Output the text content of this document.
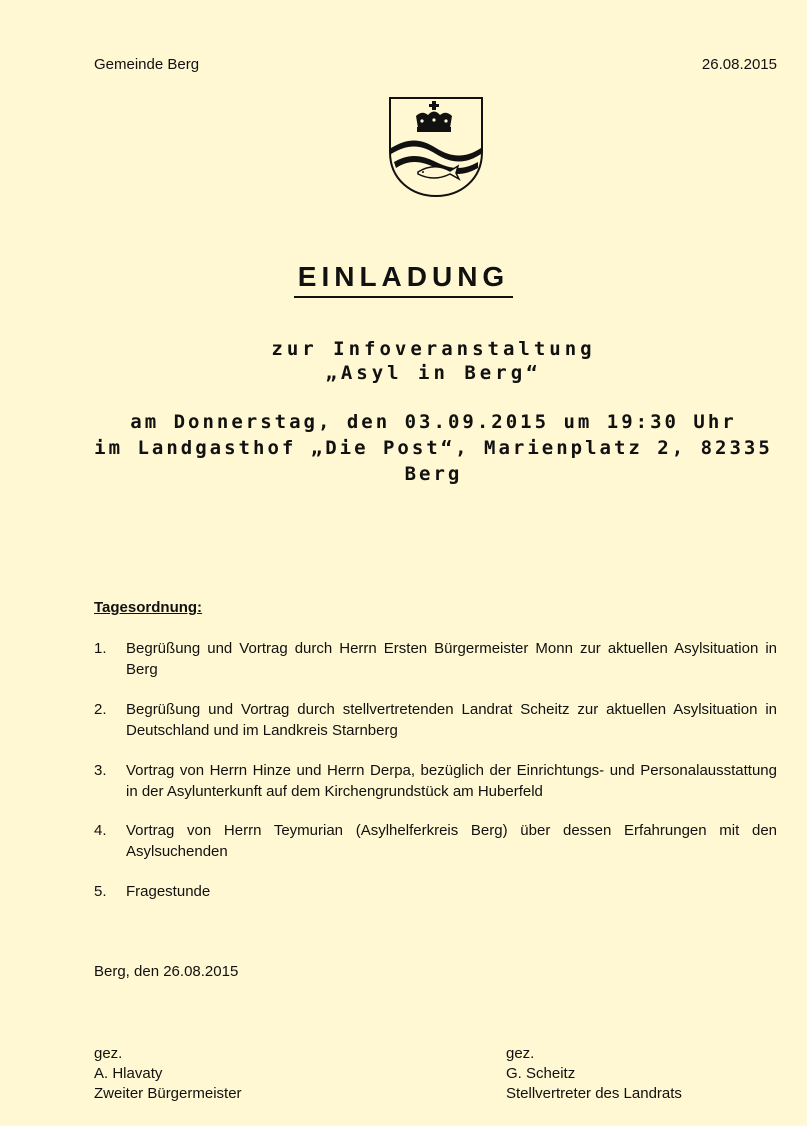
Gemeinde Berg	26.08.2015
EINLADUNG
zur Infoveranstaltung
„Asyl in Berg“
am Donnerstag, den 03.09.2015 um 19:30 Uhr
im Landgasthof „Die Post“, Marienplatz 2, 82335
Berg
Tagesordnung:
1.	Begrüßung und Vortrag durch Herrn Ersten Bürgermeister Monn zur aktuellen Asylsituation in Berg
2.	Begrüßung und Vortrag durch stellvertretenden Landrat Scheitz zur aktuellen Asylsituation in Deutschland und im Landkreis Starnberg
3.	Vortrag von Herrn Hinze und Herrn Derpa, bezüglich der Einrichtungs- und Personalausstattung in der Asylunterkunft auf dem Kirchengrundstück am Huberfeld
4.	Vortrag von Herrn Teymurian (Asylhelferkreis Berg) über dessen Erfahrungen mit den Asylsuchenden
5.	Fragestunde
Berg, den 26.08.2015
gez.
A. Hlavaty
Zweiter Bürgermeister
gez.
G. Scheitz
Stellvertreter des Landrats
